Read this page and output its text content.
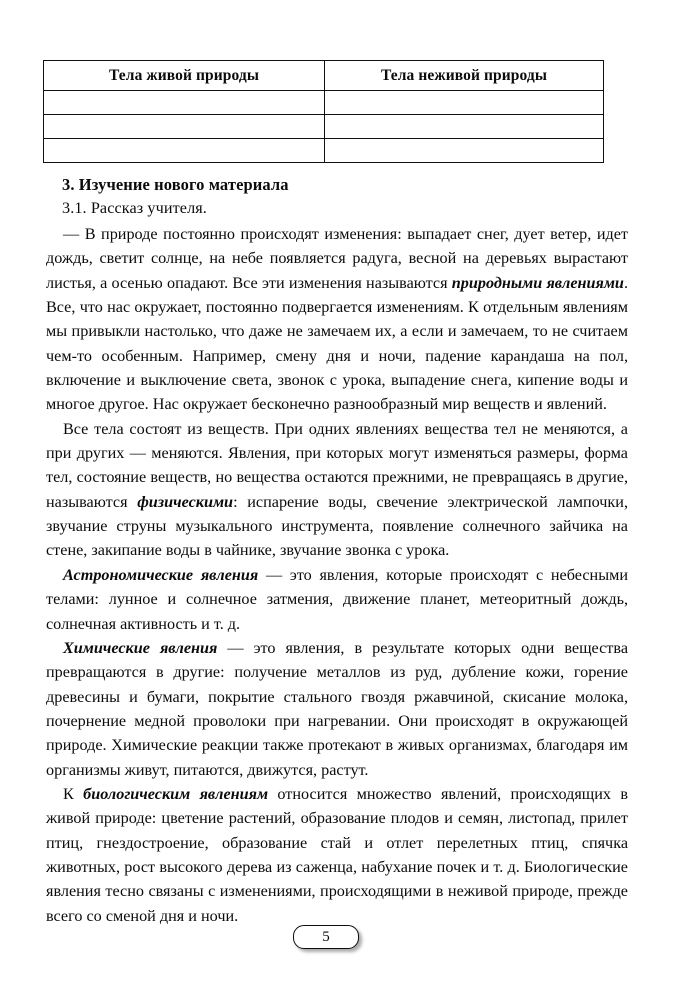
Тела живой природы	Тела неживой природы

3. Изучение нового материала
3.1. Рассказ учителя.

— В природе постоянно происходят изменения: выпадает снег, дует ветер, идет дождь, светит солнце, на небе появляется радуга, весной на деревьях вырастают листья, а осенью опадают. Все эти изменения называются природными явлениями. Все, что нас окружает, постоянно подвергается изменениям. К отдельным явлениям мы привыкли настолько, что даже не замечаем их, а если и замечаем, то не считаем чем-то особенным. Например, смену дня и ночи, падение карандаша на пол, включение и выключение света, звонок с урока, выпадение снега, кипение воды и многое другое. Нас окружает бесконечно разнообразный мир веществ и явлений.

Все тела состоят из веществ. При одних явлениях вещества тел не меняются, а при других — меняются. Явления, при которых могут изменяться размеры, форма тел, состояние веществ, но вещества остаются прежними, не превращаясь в другие, называются физическими: испарение воды, свечение электрической лампочки, звучание струны музыкального инструмента, появление солнечного зайчика на стене, закипание воды в чайнике, звучание звонка с урока.

Астрономические явления — это явления, которые происходят с небесными телами: лунное и солнечное затмения, движение планет, метеоритный дождь, солнечная активность и т. д.

Химические явления — это явления, в результате которых одни вещества превращаются в другие: получение металлов из руд, дубление кожи, горение древесины и бумаги, покрытие стального гвоздя ржавчиной, скисание молока, почернение медной проволоки при нагревании. Они происходят в окружающей природе. Химические реакции также протекают в живых организмах, благодаря им организмы живут, питаются, движутся, растут.

К биологическим явлениям относится множество явлений, происходящих в живой природе: цветение растений, образование плодов и семян, листопад, прилет птиц, гнездостроение, образование стай и отлет перелетных птиц, спячка животных, рост высокого дерева из саженца, набухание почек и т. д. Биологические явления тесно связаны с изменениями, происходящими в неживой природе, прежде всего со сменой дня и ночи.

5
